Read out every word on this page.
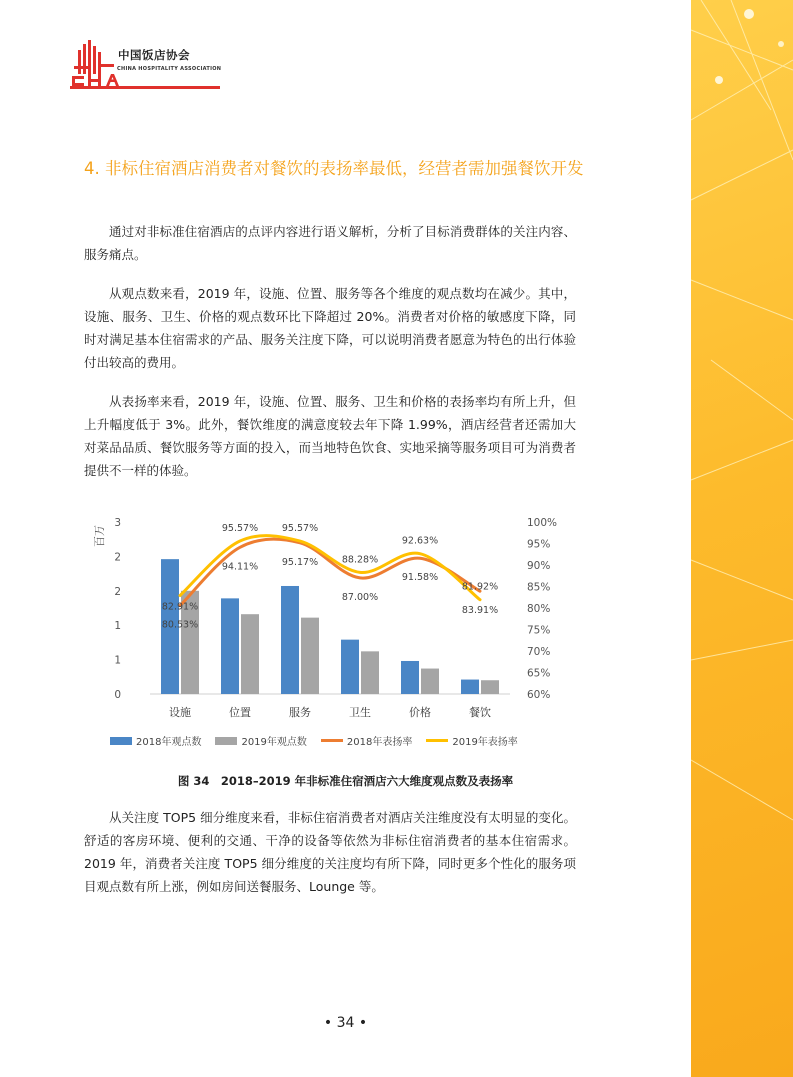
中国饭店协会
CHINA HOSPITALITY ASSOCIATION
4. 非标住宿酒店消费者对餐饮的表扬率最低，经营者需加强餐饮开发
通过对非标准住宿酒店的点评内容进行语义解析，分析了目标消费群体的关注内容、服务痛点。
从观点数来看，2019 年，设施、位置、服务等各个维度的观点数均在减少。其中，设施、服务、卫生、价格的观点数环比下降超过 20%。消费者对价格的敏感度下降，同时对满足基本住宿需求的产品、服务关注度下降，可以说明消费者愿意为特色的出行体验付出较高的费用。
从表扬率来看，2019 年，设施、位置、服务、卫生和价格的表扬率均有所上升，但上升幅度低于 3%。此外，餐饮维度的满意度较去年下降 1.99%，酒店经营者还需加大对菜品品质、餐饮服务等方面的投入，而当地特色饮食、实地采摘等服务项目可为消费者提供不一样的体验。
百万
0
1
1
2
2
3
60%
65%
70%
75%
80%
85%
90%
95%
100%
设施	位置	服务	卫生	价格	餐饮
80.53%
94.11%	95.17%
87.00%
91.58%
83.91%
82.91%
95.57%	95.57%
88.28%
92.63%
81.92%
2018年观点数	2019年观点数	2018年表扬率	2019年表扬率
图 34　2018–2019 年非标准住宿酒店六大维度观点数及表扬率
从关注度 TOP5 细分维度来看，非标住宿消费者对酒店关注维度没有太明显的变化。舒适的客房环境、便利的交通、干净的设备等依然为非标住宿消费者的基本住宿需求。2019 年，消费者关注度 TOP5 细分维度的关注度均有所下降，同时更多个性化的服务项目观点数有所上涨，例如房间送餐服务、Lounge 等。
• 34 •
